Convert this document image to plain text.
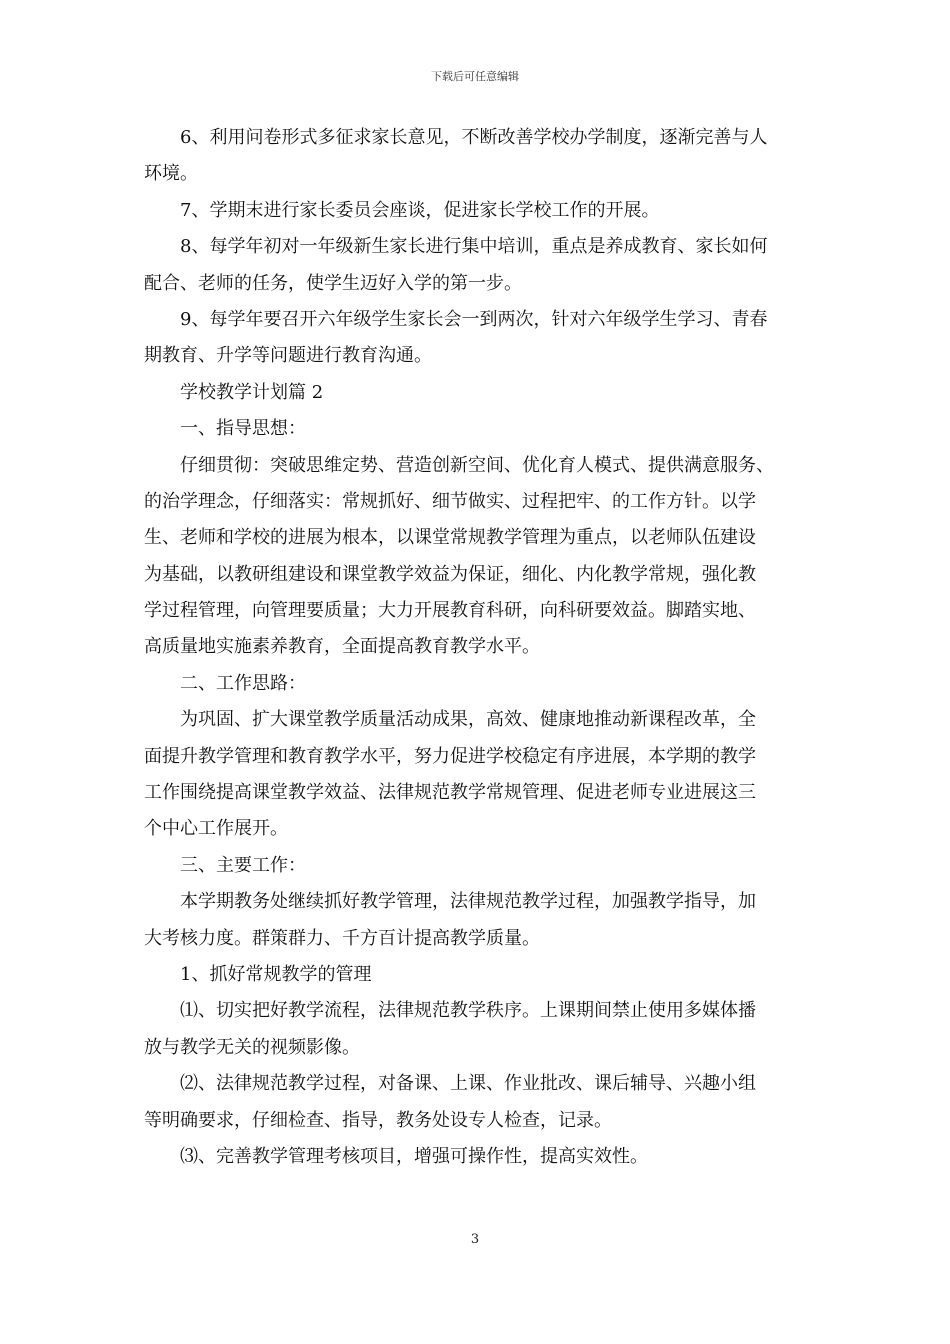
下载后可任意编辑
6、利用问卷形式多征求家长意见，不断改善学校办学制度，逐渐完善与人
环境。
7、学期末进行家长委员会座谈，促进家长学校工作的开展。
8、每学年初对一年级新生家长进行集中培训，重点是养成教育、家长如何
配合、老师的任务，使学生迈好入学的第一步。
9、每学年要召开六年级学生家长会一到两次，针对六年级学生学习、青春
期教育、升学等问题进行教育沟通。
学校教学计划篇 2
一、指导思想：
仔细贯彻：突破思维定势、营造创新空间、优化育人模式、提供满意服务、
的治学理念，仔细落实：常规抓好、细节做实、过程把牢、的工作方针。以学
生、老师和学校的进展为根本，以课堂常规教学管理为重点，以老师队伍建设
为基础，以教研组建设和课堂教学效益为保证，细化、内化教学常规，强化教
学过程管理，向管理要质量；大力开展教育科研，向科研要效益。脚踏实地、
高质量地实施素养教育，全面提高教育教学水平。
二、工作思路：
为巩固、扩大课堂教学质量活动成果，高效、健康地推动新课程改革，全
面提升教学管理和教育教学水平，努力促进学校稳定有序进展，本学期的教学
工作围绕提高课堂教学效益、法律规范教学常规管理、促进老师专业进展这三
个中心工作展开。
三、主要工作：
本学期教务处继续抓好教学管理，法律规范教学过程，加强教学指导，加
大考核力度。群策群力、千方百计提高教学质量。
1、抓好常规教学的管理
⑴、切实把好教学流程，法律规范教学秩序。上课期间禁止使用多媒体播
放与教学无关的视频影像。
⑵、法律规范教学过程，对备课、上课、作业批改、课后辅导、兴趣小组
等明确要求，仔细检查、指导，教务处设专人检查，记录。
⑶、完善教学管理考核项目，增强可操作性，提高实效性。
3
